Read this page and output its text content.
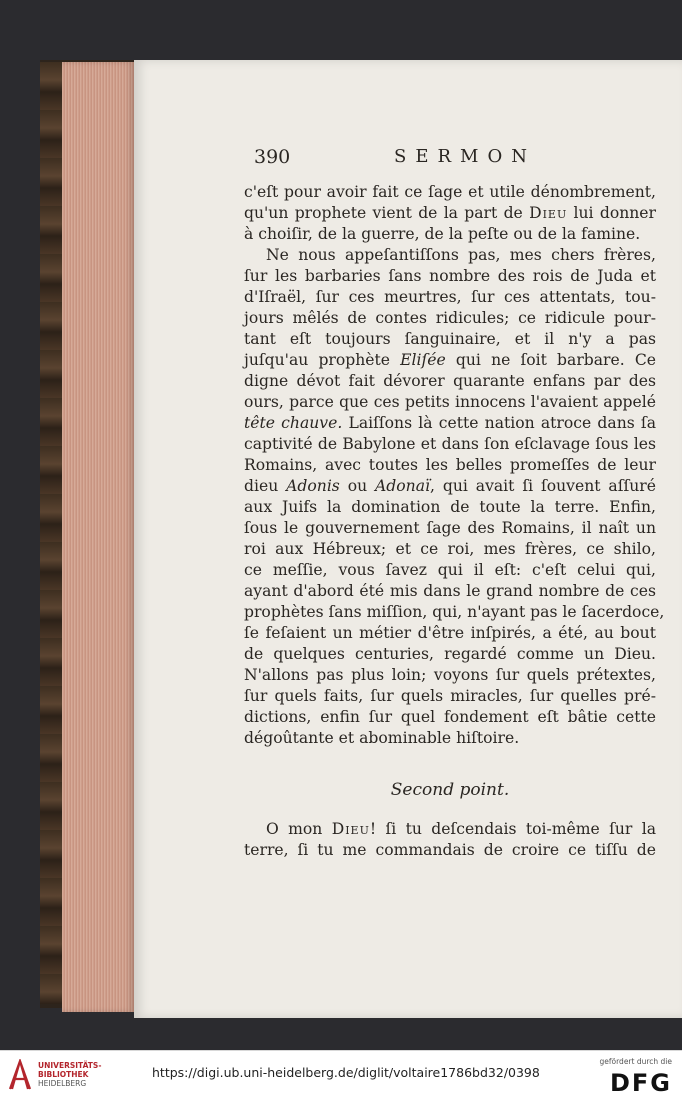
390	SERMON
c'eſt pour avoir fait ce ſage et utile dénombrement,
qu'un prophete vient de la part de Dieu lui donner
à choiſir, de la guerre, de la peſte ou de la famine.
Ne nous appeſantiſſons pas, mes chers frères,
ſur les barbaries ſans nombre des rois de Juda et
d'Iſraël, ſur ces meurtres, ſur ces attentats, tou-
jours mêlés de contes ridicules; ce ridicule pour-
tant eſt toujours ſanguinaire, et il n'y a pas
juſqu'au prophète Eliſée qui ne ſoit barbare. Ce
digne dévot fait dévorer quarante enfans par des
ours, parce que ces petits innocens l'avaient appelé
tête chauve. Laiſſons là cette nation atroce dans ſa
captivité de Babylone et dans ſon eſclavage ſous les
Romains, avec toutes les belles promeſſes de leur
dieu Adonis ou Adonaï, qui avait ſi ſouvent aſſuré
aux Juifs la domination de toute la terre. Enfin,
ſous le gouvernement ſage des Romains, il naît un
roi aux Hébreux; et ce roi, mes frères, ce shilo,
ce meſſie, vous ſavez qui il eſt: c'eſt celui qui,
ayant d'abord été mis dans le grand nombre de ces
prophètes ſans miſſion, qui, n'ayant pas le ſacerdoce,
ſe feſaient un métier d'être inſpirés, a été, au bout
de quelques centuries, regardé comme un Dieu.
N'allons pas plus loin; voyons ſur quels prétextes,
ſur quels faits, ſur quels miracles, ſur quelles pré-
dictions, enfin ſur quel fondement eſt bâtie cette
dégoûtante et abominable hiſtoire.
Second point.
O mon Dieu! ſi tu deſcendais toi-même ſur la
terre, ſi tu me commandais de croire ce tiſſu de
UNIVERSITÄTS-
BIBLIOTHEK
HEIDELBERG
https://digi.ub.uni-heidelberg.de/diglit/voltaire1786bd32/0398
gefördert durch die
DFG
